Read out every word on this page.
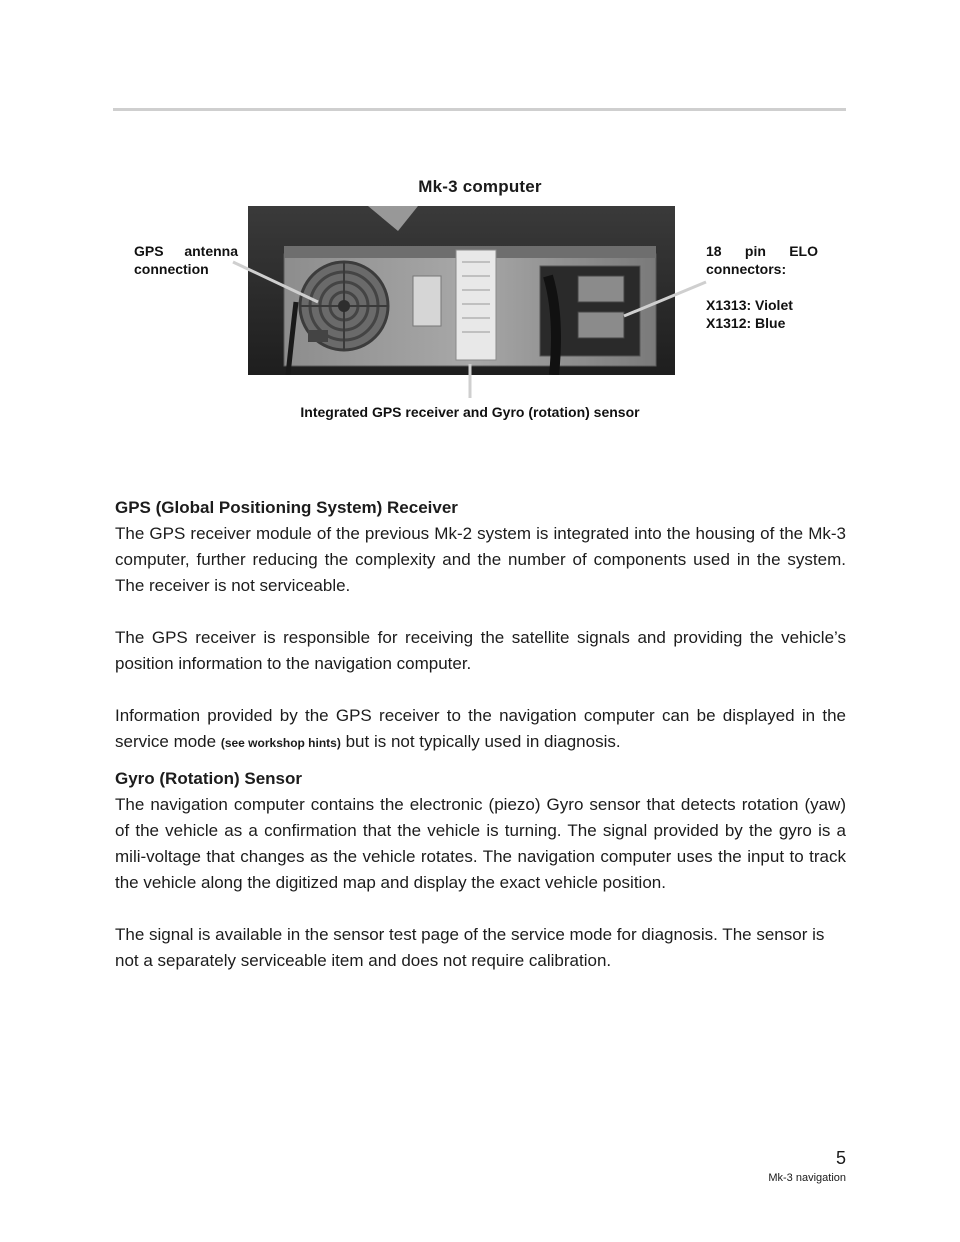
Mk-3 computer
GPS antenna connection
18 pin ELO connectors:
X1313: Violet
X1312: Blue
Integrated GPS receiver and Gyro (rotation) sensor
GPS (Global Positioning System) Receiver

The GPS receiver module of the previous Mk-2 system is integrated into the housing of the Mk-3 computer, further reducing the complexity and the number of components used in the system. The receiver is not serviceable.

The GPS receiver is responsible for receiving the satellite signals and providing the vehicle’s position information to the navigation computer.

Information provided by the GPS receiver to the navigation computer can be displayed in the service mode (see workshop hints) but is not typically used in diagnosis.

Gyro (Rotation) Sensor

The navigation computer contains the electronic (piezo) Gyro sensor that detects rotation (yaw) of the vehicle as a confirmation that the vehicle is turning. The signal provided by the gyro is a mili-voltage that changes as the vehicle rotates. The navigation computer uses the input to track the vehicle along the digitized map and display the exact vehicle position.

The signal is available in the sensor test page of the service mode for diagnosis. The sensor is not a separately serviceable item and does not require calibration.

5
Mk-3 navigation
